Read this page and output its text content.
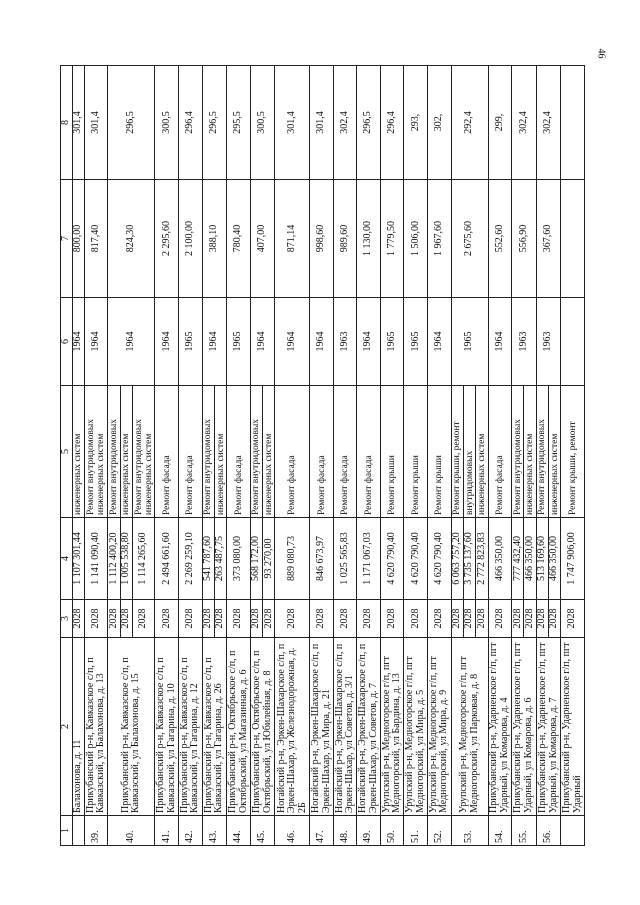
46
1	2	3	4	5	6	7	8
	Балахонова, д. 11	2028	1 107 301,44	инженерных систем	1964	800,00	301,4
39.	Прикубанский р-н, Кавказское с/п, п Кавказский, ул Балахонова, д. 13	2028	1 141 090,40	Ремонт внутридомовых инженерных систем	1964	817,40	301,4
40.	Прикубанский р-н, Кавказское с/п, п Кавказский, ул Балахонова, д. 15	2028	1 112 400,20	Ремонт внутридомовых	1964	824,30	296,5
		2028	1 005 538,80	инженерных систем			
		2028	1 114 265,60	Ремонт внутридомовых инженерных систем			
41.	Прикубанский р-н, Кавказское с/п, п Кавказский, ул Гагарина, д. 10	2028	2 494 661,60	Ремонт фасада	1964	2 295,60	300,5
42.	Прикубанский р-н, Кавказское с/п, п Кавказский, ул Гагарина, д. 12	2028	2 269 259,10	Ремонт фасада	1965	2 100,00	296,4
43.	Прикубанский р-н, Кавказское с/п, п Кавказский, ул Гагарина, д. 26	2028	541 787,60	Ремонт внутридомовых	1964	388,10	296,5
		2028	263 487,75	инженерных систем			
44.	Прикубанский р-н, Октябрьское с/п, п Октябрьский, ул Магазинная, д. 6	2028	373 080,00	Ремонт фасада	1965	780,40	295,5
45.	Прикубанский р-н, Октябрьское с/п, п Октябрьский, ул Юбилейная, д. 8	2028	568 172,00	Ремонт внутридомовых	1964	407,00	300,5
		2028	93 270,00	инженерных систем			
46.	Ногайский р-н, Эркен-Шахарское с/п, п Эркен-Шахар, ул Железнодорожная, д. 2Б	2028	889 080,73	Ремонт фасада	1964	871,14	301,4
47.	Ногайский р-н, Эркен-Шахарское с/п, п Эркен-Шахар, ул Мира, д. 21	2028	846 673,97	Ремонт фасада	1964	998,60	301,4
48.	Ногайский р-н, Эркен-Шахарское с/п, п Эркен-Шахар, ул Советов, д. 3/1	2028	1 025 565,83	Ремонт фасада	1963	989,60	302,4
49.	Ногайский р-н, Эркен-Шахарское с/п, п Эркен-Шахар, ул Советов, д. 7	2028	1 171 067,03	Ремонт фасада	1964	1 130,00	296,5
50.	Урупский р-н, Медногорское г/п, пгт Медногорский, ул Бардина, д. 13	2028	4 620 790,40	Ремонт крыши	1965	1 779,50	296,4
51.	Урупский р-н, Медногорское г/п, пгт Медногорский, ул Мира, д. 5	2028	4 620 790,40	Ремонт крыши	1965	1 506,00	293,
52.	Урупский р-н, Медногорское г/п, пгт Медногорский, ул Мира, д. 9	2028	4 620 790,40	Ремонт крыши	1964	1 967,60	302,
53.	Урупский р-н, Медногорское г/п, пгт Медногорский, ул Парковая, д. 8	2028	6 063 757,20	Ремонт крыши, ремонт	1965	2 675,60	292,4
		2028	3 735 137,60	внутридомовых			
		2028	2 772 823,83	инженерных систем			
54.	Прикубанский р-н, Ударненское г/п, пгт Ударный, ул Комарова, д. 4	2028	466 350,00	Ремонт фасада	1964	552,60	299,
55.	Прикубанский р-н, Ударненское г/п, пгт Ударный, ул Комарова, д. 6	2028	777 432,40	Ремонт внутридомовых	1963	556,90	302,4
		2028	466 350,00	инженерных систем			
56.	Прикубанский р-н, Ударненское г/п, пгт Ударный, ул Комарова, д. 7	2028	513 169,60	Ремонт внутридомовых	1963	367,60	302,4
		2028	466 350,00	инженерных систем			
	Прикубанский р-н, Ударненское г/п, пгт Ударный	2028	1 747 906,00	Ремонт крыши, ремонт			
